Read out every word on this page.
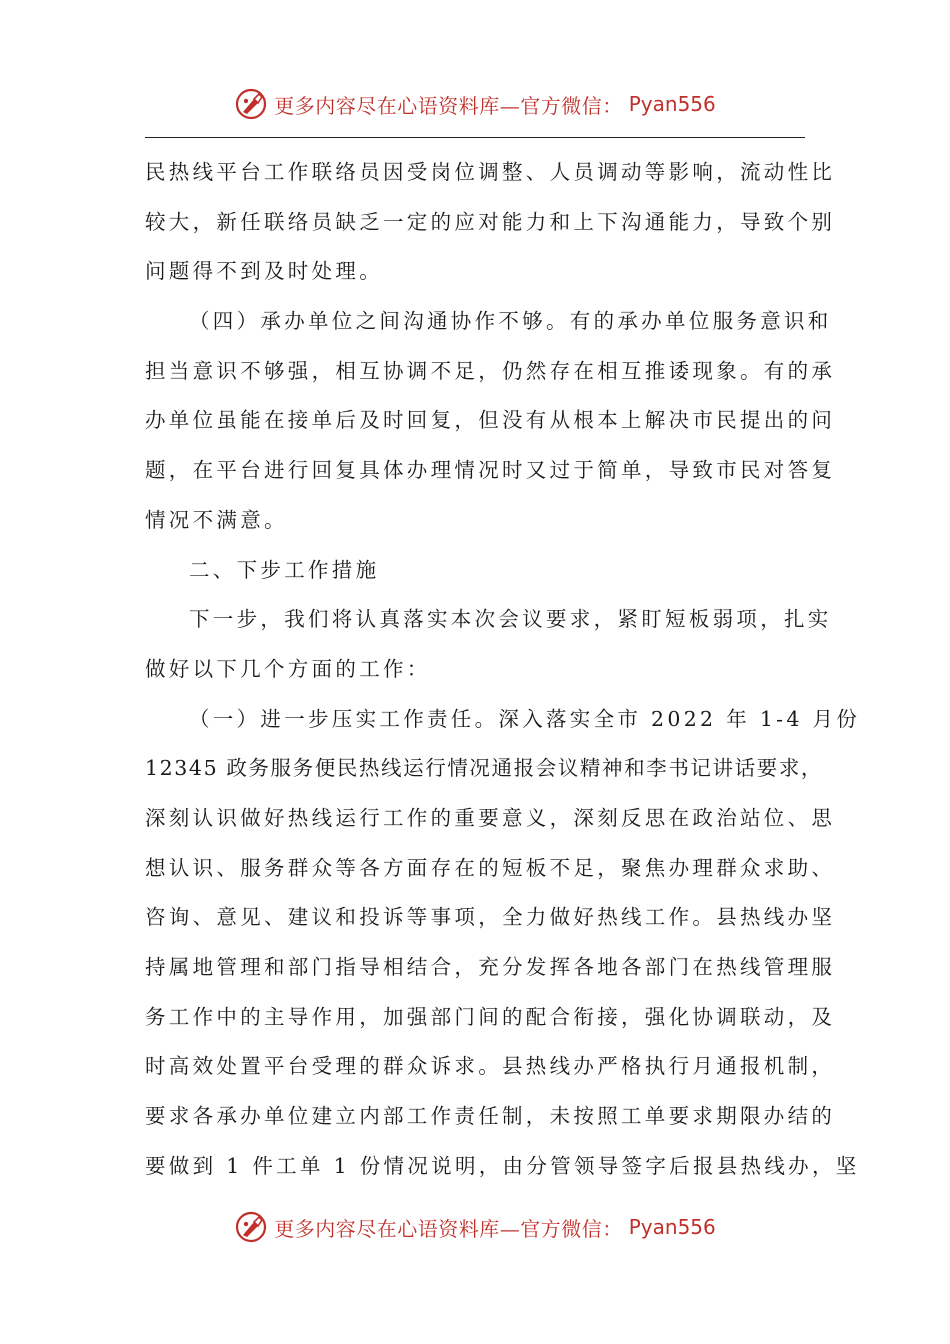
更多内容尽在心语资料库—官方微信： Pyan556
民热线平台工作联络员因受岗位调整、人员调动等影响，流动性比
较大，新任联络员缺乏一定的应对能力和上下沟通能力，导致个别
问题得不到及时处理。
（四）承办单位之间沟通协作不够。有的承办单位服务意识和
担当意识不够强，相互协调不足，仍然存在相互推诿现象。有的承
办单位虽能在接单后及时回复，但没有从根本上解决市民提出的问
题，在平台进行回复具体办理情况时又过于简单，导致市民对答复
情况不满意。
二、下步工作措施
下一步，我们将认真落实本次会议要求，紧盯短板弱项，扎实
做好以下几个方面的工作：
（一）进一步压实工作责任。深入落实全市 2022 年 1-4 月份
12345 政务服务便民热线运行情况通报会议精神和李书记讲话要求，
深刻认识做好热线运行工作的重要意义，深刻反思在政治站位、思
想认识、服务群众等各方面存在的短板不足，聚焦办理群众求助、
咨询、意见、建议和投诉等事项，全力做好热线工作。县热线办坚
持属地管理和部门指导相结合，充分发挥各地各部门在热线管理服
务工作中的主导作用，加强部门间的配合衔接，强化协调联动，及
时高效处置平台受理的群众诉求。县热线办严格执行月通报机制，
要求各承办单位建立内部工作责任制，未按照工单要求期限办结的
要做到 1 件工单 1 份情况说明，由分管领导签字后报县热线办，坚
更多内容尽在心语资料库—官方微信： Pyan556
